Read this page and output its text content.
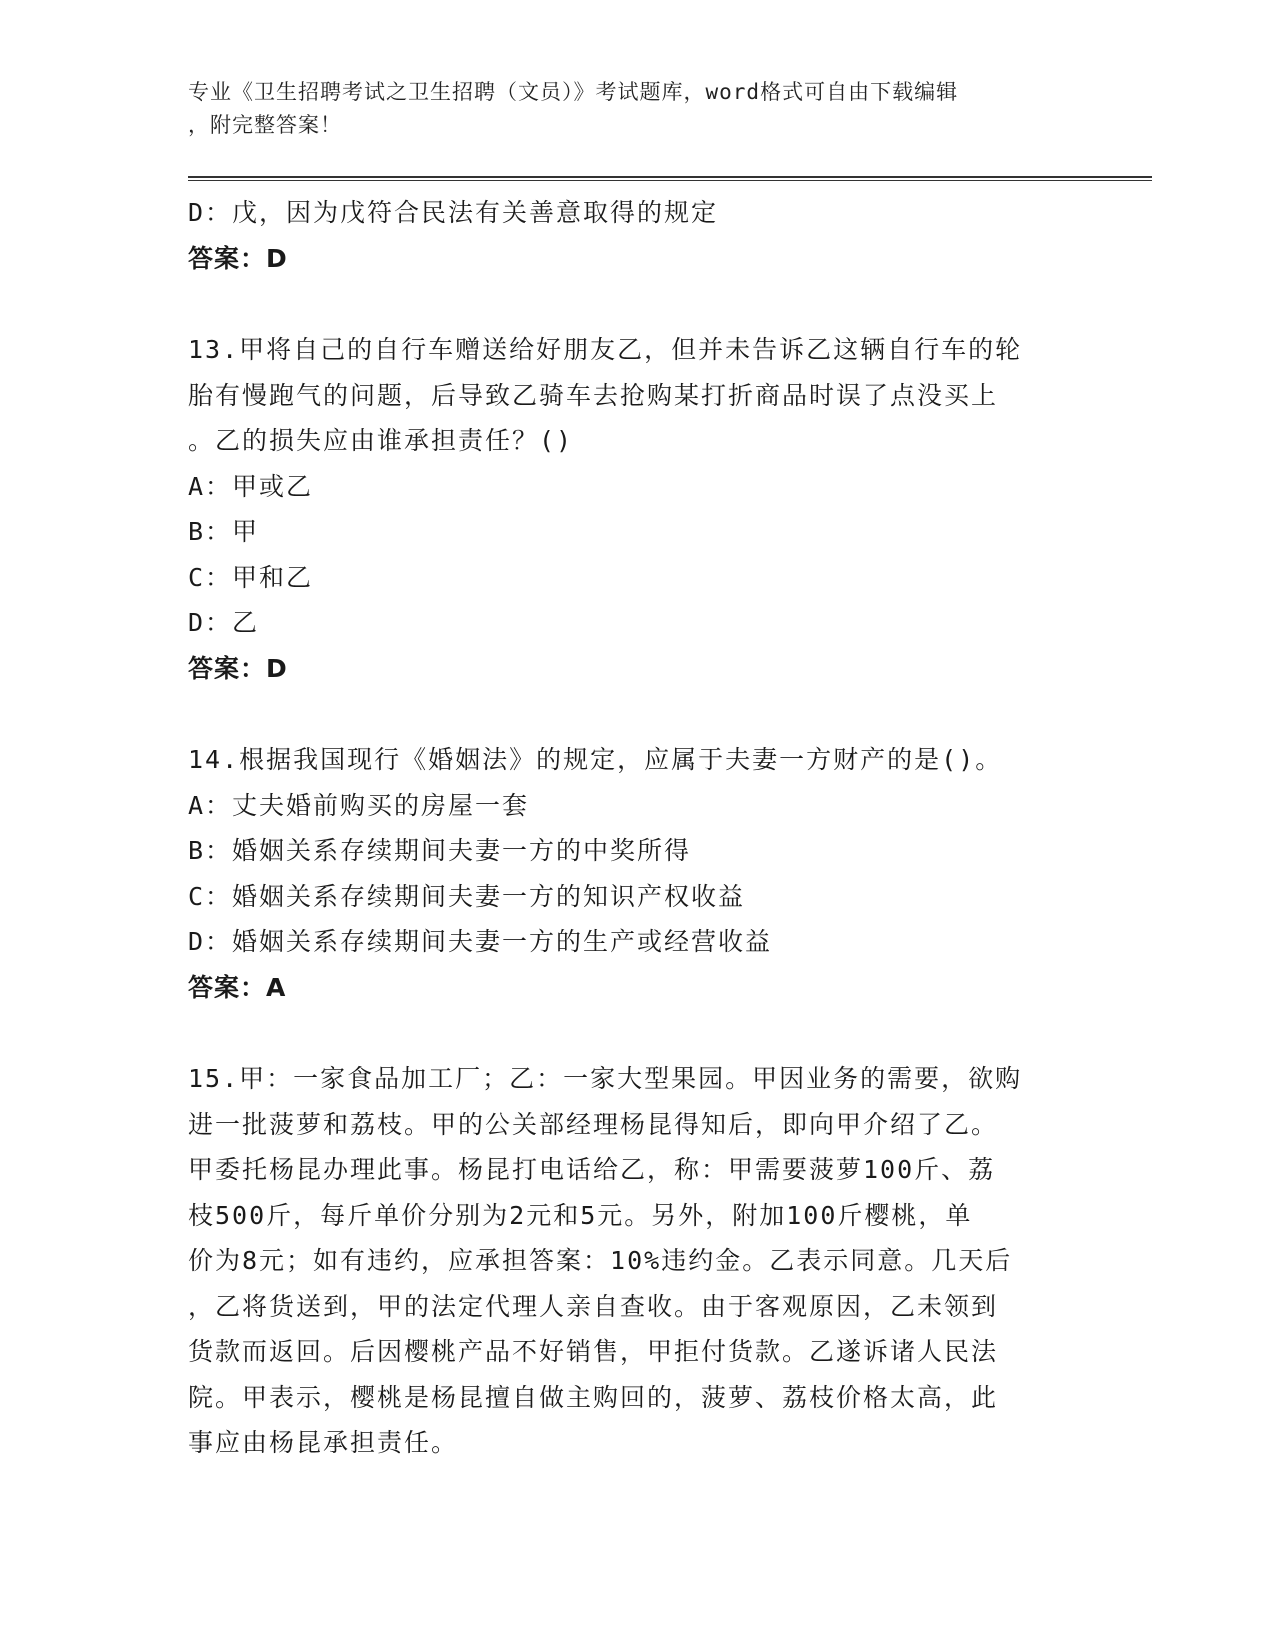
专业《卫生招聘考试之卫生招聘（文员）》考试题库，word格式可自由下载编辑
，附完整答案！
D：戊，因为戊符合民法有关善意取得的规定
答案：D
13.甲将自己的自行车赠送给好朋友乙，但并未告诉乙这辆自行车的轮
胎有慢跑气的问题，后导致乙骑车去抢购某打折商品时误了点没买上
。乙的损失应由谁承担责任？()
A：甲或乙
B：甲
C：甲和乙
D：乙
答案：D
14.根据我国现行《婚姻法》的规定，应属于夫妻一方财产的是()。
A：丈夫婚前购买的房屋一套
B：婚姻关系存续期间夫妻一方的中奖所得
C：婚姻关系存续期间夫妻一方的知识产权收益
D：婚姻关系存续期间夫妻一方的生产或经营收益
答案：A
15.甲：一家食品加工厂；乙：一家大型果园。甲因业务的需要，欲购
进一批菠萝和荔枝。甲的公关部经理杨昆得知后，即向甲介绍了乙。
甲委托杨昆办理此事。杨昆打电话给乙，称：甲需要菠萝100斤、荔
枝500斤，每斤单价分别为2元和5元。另外，附加100斤樱桃，单
价为8元；如有违约，应承担答案：10%违约金。乙表示同意。几天后
，乙将货送到，甲的法定代理人亲自查收。由于客观原因，乙未领到
货款而返回。后因樱桃产品不好销售，甲拒付货款。乙遂诉诸人民法
院。甲表示，樱桃是杨昆擅自做主购回的，菠萝、荔枝价格太高，此
事应由杨昆承担责任。
